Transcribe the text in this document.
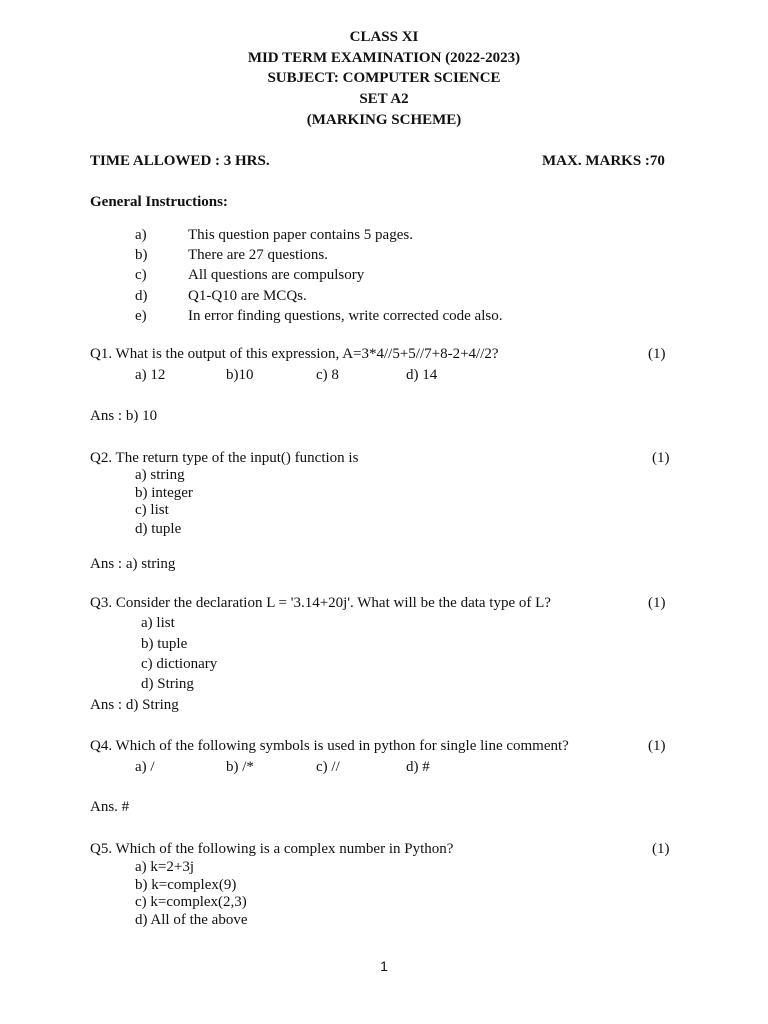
CLASS XI
MID TERM EXAMINATION (2022-2023)
SUBJECT: COMPUTER SCIENCE
SET A2
(MARKING SCHEME)
TIME ALLOWED : 3 HRS.	MAX. MARKS :70
General Instructions:
a)	This question paper contains 5 pages.
b)	There are 27 questions.
c)	All questions are compulsory
d)	Q1-Q10 are MCQs.
e)	In error finding questions, write corrected code also.
Q1. What is the output of this expression, A=3*4//5+5//7+8-2+4//2?	(1)
a) 12	b)10	c) 8	d) 14
Ans : b) 10
Q2. The return type of the input() function is	(1)
a) string
b) integer
c) list
d) tuple
Ans : a) string
Q3. Consider the declaration L = '3.14+20j'. What will be the data type of L?	(1)
a) list
b) tuple
c) dictionary
d) String
Ans : d) String
Q4. Which of the following symbols is used in python for single line comment?	(1)
a) /	b) /*	c) //	d) #
Ans. #
Q5. Which of the following is a complex number in Python?	(1)
a) k=2+3j
b) k=complex(9)
c) k=complex(2,3)
d) All of the above
1
